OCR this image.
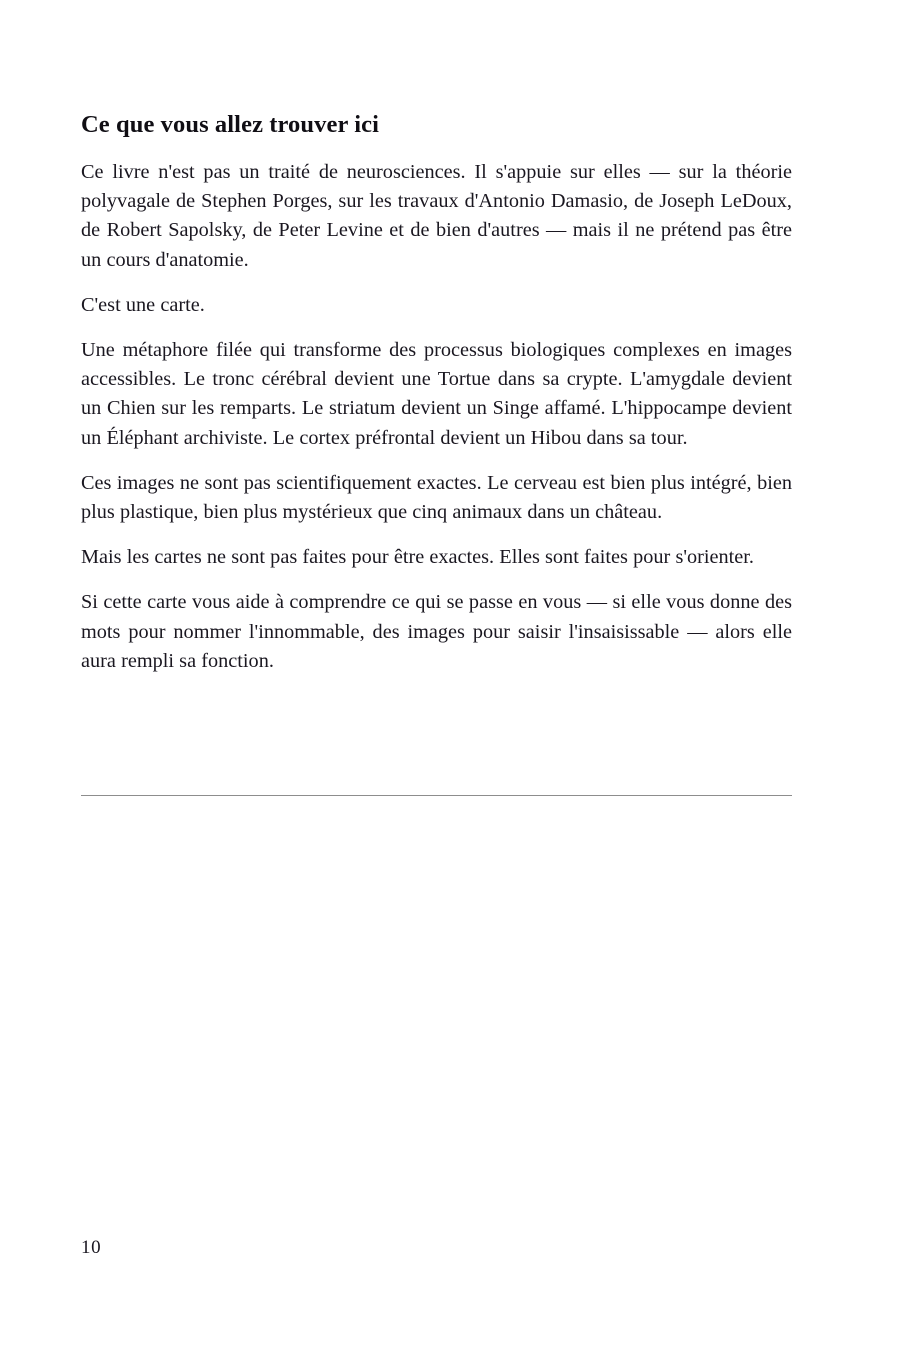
Ce que vous allez trouver ici

Ce livre n'est pas un traité de neurosciences. Il s'appuie sur elles — sur la théorie polyvagale de Stephen Porges, sur les travaux d'Antonio Damasio, de Joseph LeDoux, de Robert Sapolsky, de Peter Levine et de bien d'autres — mais il ne prétend pas être un cours d'anatomie.

C'est une carte.

Une métaphore filée qui transforme des processus biologiques complexes en images accessibles. Le tronc cérébral devient une Tortue dans sa crypte. L'amygdale devient un Chien sur les remparts. Le striatum devient un Singe affamé. L'hippocampe devient un Éléphant archiviste. Le cortex préfrontal devient un Hibou dans sa tour.

Ces images ne sont pas scientifiquement exactes. Le cerveau est bien plus intégré, bien plus plastique, bien plus mystérieux que cinq animaux dans un château.

Mais les cartes ne sont pas faites pour être exactes. Elles sont faites pour s'orienter.

Si cette carte vous aide à comprendre ce qui se passe en vous — si elle vous donne des mots pour nommer l'innommable, des images pour saisir l'insaisissable — alors elle aura rempli sa fonction.

10
